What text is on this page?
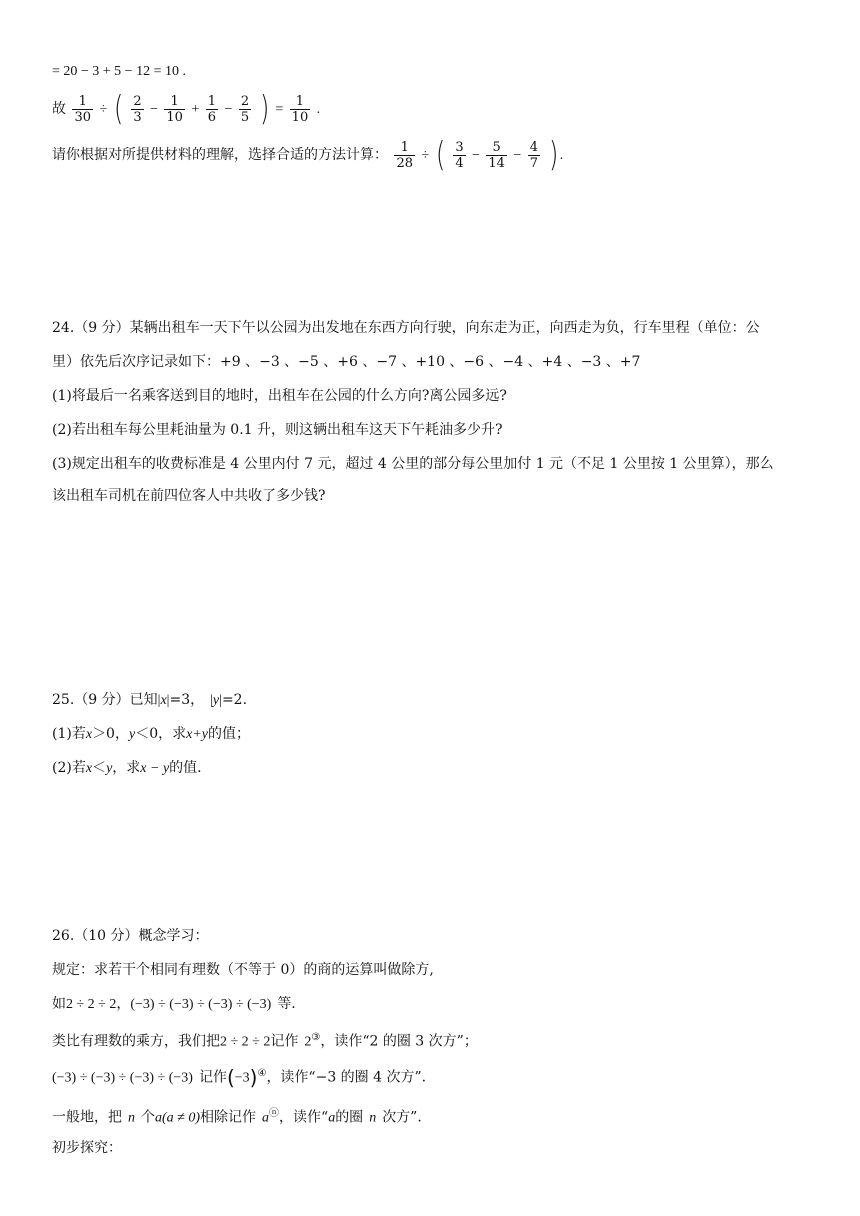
= 20 − 3 + 5 − 12 = 10 .
故 $\frac{1}{30}$ ÷ ( $\frac{2}{3} - \frac{1}{10} + \frac{1}{6} - \frac{2}{5}$ ) = $\frac{1}{10}$ .
请你根据对所提供材料的理解，选择合适的方法计算： $\frac{1}{28}$ ÷ ( $\frac{3}{4} - \frac{5}{14} - \frac{4}{7}$ ) .
24.（9 分）某辆出租车一天下午以公园为出发地在东西方向行驶，向东走为正，向西走为负，行车里程（单位：公
里）依先后次序记录如下：+9 、−3 、−5 、+6 、−7 、+10 、−6 、−4 、+4 、−3 、+7
(1)将最后一名乘客送到目的地时，出租车在公园的什么方向?离公园多远?
(2)若出租车每公里耗油量为 0.1 升，则这辆出租车这天下午耗油多少升?
(3)规定出租车的收费标准是 4 公里内付 7 元，超过 4 公里的部分每公里加付 1 元（不足 1 公里按 1 公里算），那么
该出租车司机在前四位客人中共收了多少钱?
25.（9 分）已知|x|=3， |y|=2.
(1)若x＞0，y＜0，求x+y的值；
(2)若x＜y，求x − y的值.
26.（10 分）概念学习：
规定：求若干个相同有理数（不等于 0）的商的运算叫做除方,
如2 ÷ 2 ÷ 2，(−3) ÷ (−3) ÷ (−3) ÷ (−3) 等.
类比有理数的乘方，我们把2 ÷ 2 ÷ 2记作 2③，读作“2 的圈 3 次方”；
(−3) ÷ (−3) ÷ (−3) ÷ (−3) 记作(−3)④，读作“−3 的圈 4 次方”.
一般地，把 n 个a(a ≠ 0)相除记作 aⓝ，读作“a的圈 n 次方”.
初步探究：
